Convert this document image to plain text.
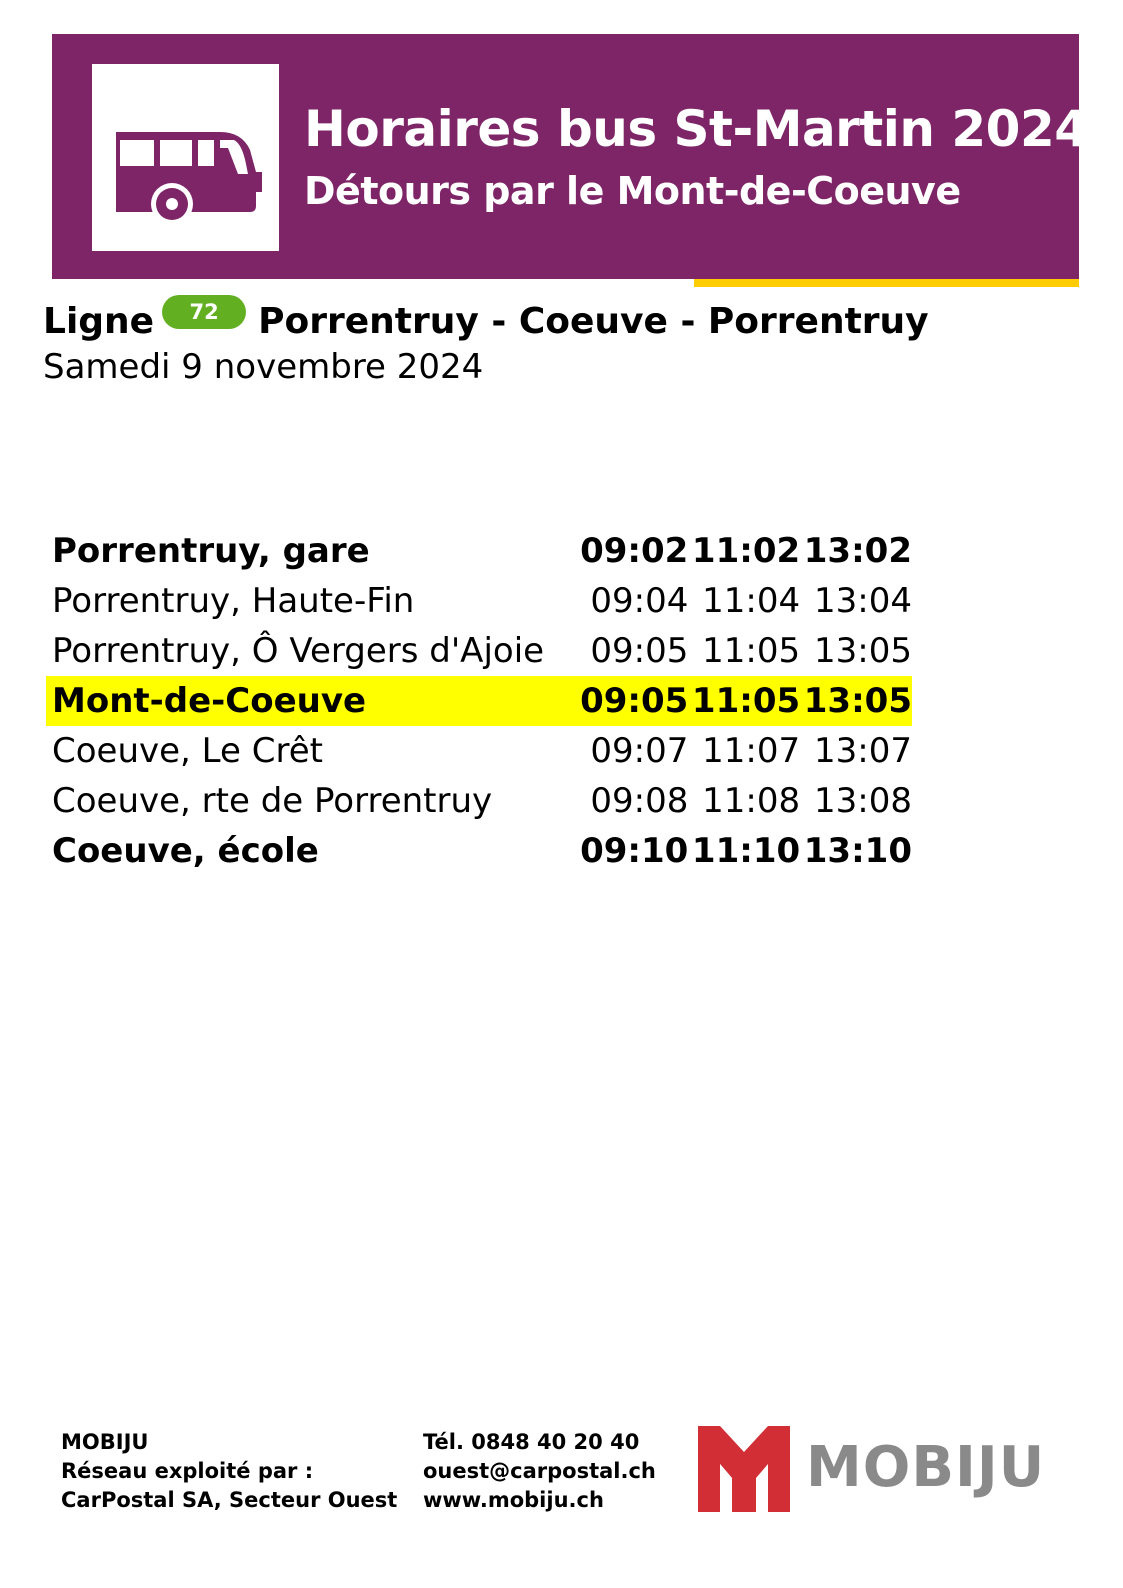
Horaires bus St-Martin 2024
Détours par le Mont-de-Coeuve
Ligne	72	Porrentruy - Coeuve - Porrentruy
Samedi 9 novembre 2024
Porrentruy, gare	09:02	11:02	13:02
Porrentruy, Haute-Fin	09:04	11:04	13:04
Porrentruy, Ô Vergers d'Ajoie	09:05	11:05	13:05
Mont-de-Coeuve	09:05	11:05	13:05
Coeuve, Le Crêt	09:07	11:07	13:07
Coeuve, rte de Porrentruy	09:08	11:08	13:08
Coeuve, école	09:10	11:10	13:10
MOBIJU
Réseau exploité par :
CarPostal SA, Secteur Ouest
Tél. 0848 40 20 40
ouest@carpostal.ch
www.mobiju.ch	MOBIJU
